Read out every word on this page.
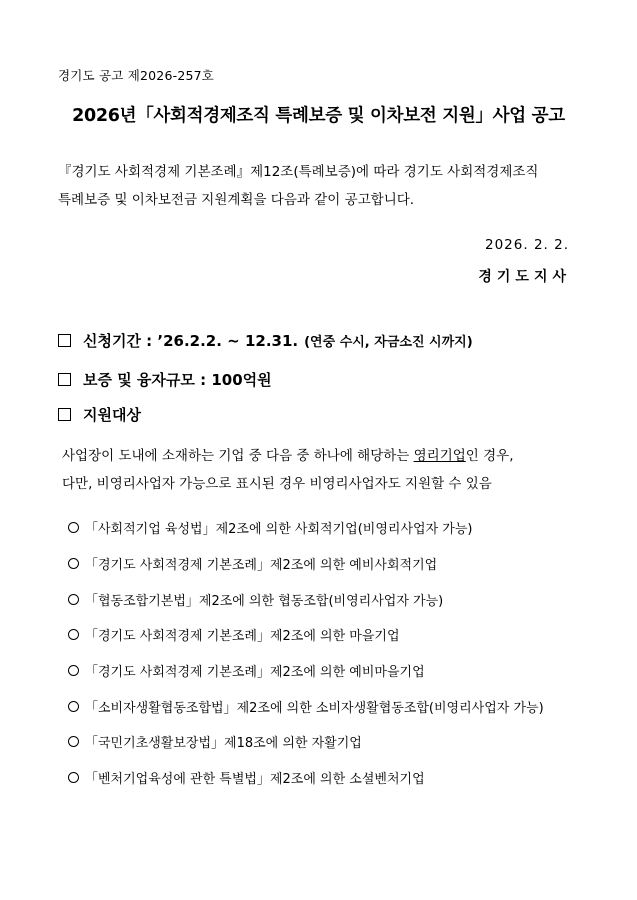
경기도 공고 제2026-257호
2026년「사회적경제조직 특례보증 및 이차보전 지원」사업 공고
『경기도 사회적경제 기본조례』제12조(특례보증)에 따라 경기도 사회적경제조직
특례보증 및 이차보전금 지원계획을 다음과 같이 공고합니다.
2026. 2. 2.
경기도지사
신청기간 : ’26.2.2. ~ 12.31. (연중 수시, 자금소진 시까지)
보증 및 융자규모 : 100억원
지원대상
사업장이 도내에 소재하는 기업 중 다음 중 하나에 해당하는 영리기업인 경우,
다만, 비영리사업자 가능으로 표시된 경우 비영리사업자도 지원할 수 있음
「사회적기업 육성법」제2조에 의한 사회적기업(비영리사업자 가능)
「경기도 사회적경제 기본조례」제2조에 의한 예비사회적기업
「협동조합기본법」제2조에 의한 협동조합(비영리사업자 가능)
「경기도 사회적경제 기본조례」제2조에 의한 마을기업
「경기도 사회적경제 기본조례」제2조에 의한 예비마을기업
「소비자생활협동조합법」제2조에 의한 소비자생활협동조합(비영리사업자 가능)
「국민기초생활보장법」제18조에 의한 자활기업
「벤처기업육성에 관한 특별법」제2조에 의한 소셜벤처기업
